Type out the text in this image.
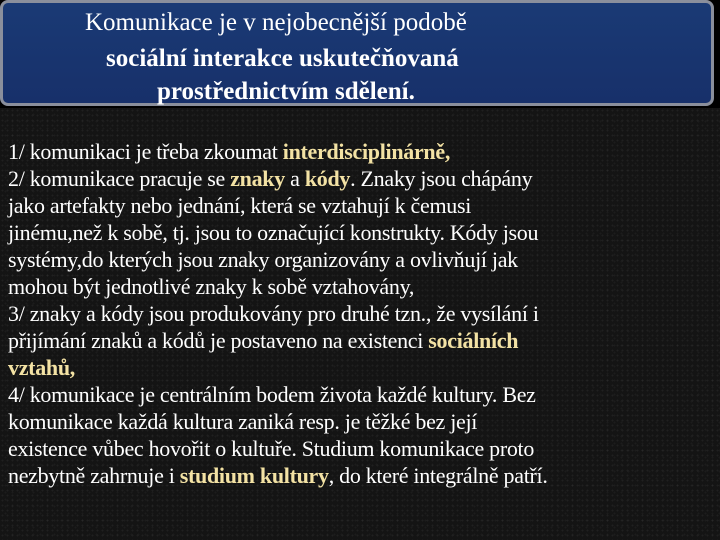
Komunikace je v nejobecnější podobě

sociální interakce uskutečňovaná

prostřednictvím sdělení.

1/ komunikaci je třeba zkoumat interdisciplinárně,

2/ komunikace pracuje se znaky a kódy. Znaky jsou chápány
jako artefakty nebo jednání, která se vztahují k čemusi
jinému,než k sobě, tj. jsou to označující konstrukty. Kódy jsou
systémy,do kterých jsou znaky organizovány a ovlivňují jak
mohou být jednotlivé znaky k sobě vztahovány,

3/ znaky a kódy jsou produkovány pro druhé tzn., že vysílání i
přijímání znaků a kódů je postaveno na existenci sociálních
vztahů,

4/ komunikace je centrálním bodem života každé kultury. Bez
komunikace každá kultura zaniká resp. je těžké bez její
existence vůbec hovořit o kultuře. Studium komunikace proto
nezbytně zahrnuje i studium kultury, do které integrálně patří.
